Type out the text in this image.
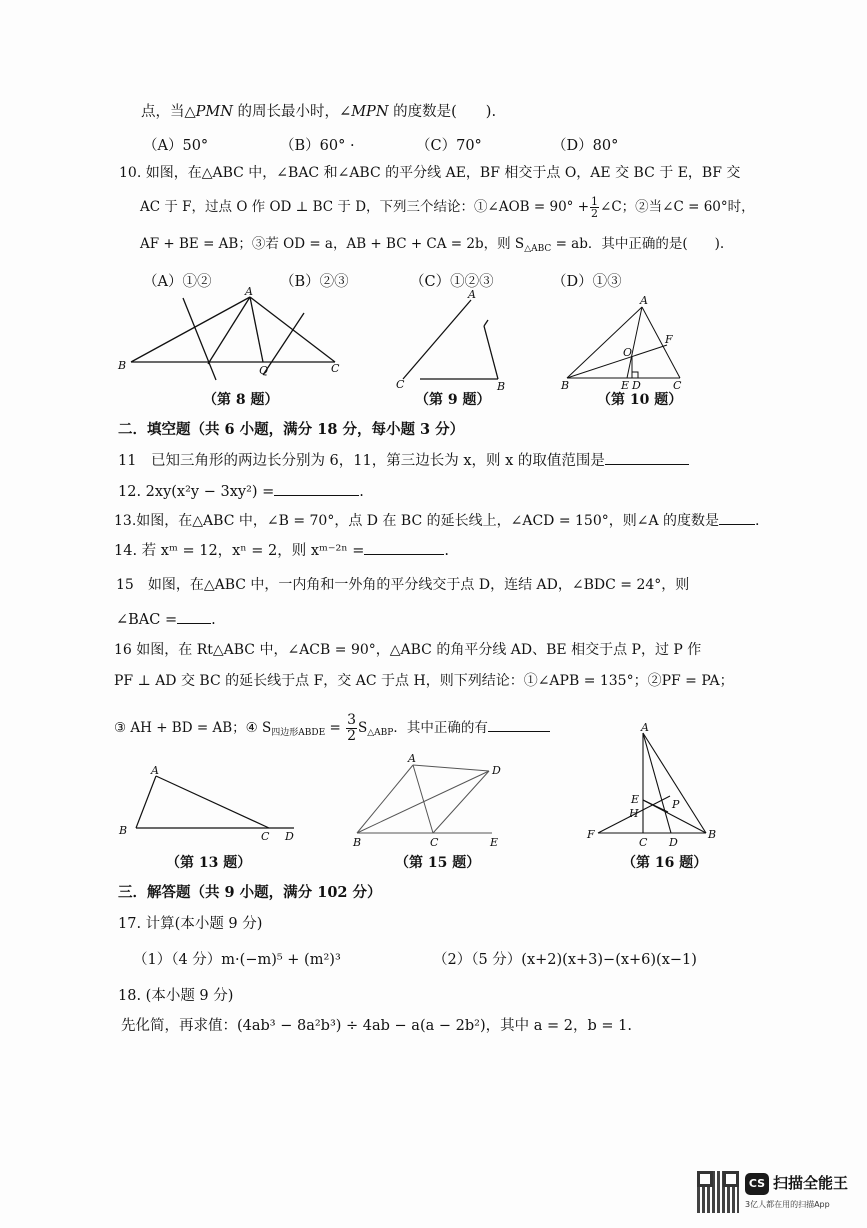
点，当△PMN 的周长最小时，∠MPN 的度数是(　　).
（A）50°	（B）60° ·	（C）70°	（D）80°
10. 如图，在△ABC 中，∠BAC 和∠ABC 的平分线 AE，BF 相交于点 O，AE 交 BC 于 E，BF 交
AC 于 F，过点 O 作 OD ⊥ BC 于 D，下列三个结论：①∠AOB = $90^\circ + \frac{1}{2}$ ∠C；②当∠C = 60°时，
AF + BE = AB；③若 OD = a，AB + BC + CA = 2b，则 $S_{\triangle ABC}$ = ab．其中正确的是(　　).
（A）①②	（B）②③	（C）①②③	（D）①③
A
B	Q	C
（第 8 题）
A
C	B
（第 9 题）
A
F
O
B	E D	C
（第 10 题）
二．填空题（共 6 小题，满分 18 分，每小题 3 分）
11　已知三角形的两边长分别为 6，11，第三边长为 x，则 x 的取值范围是
12. 2xy(x²y − 3xy²) =	.
13.如图，在△ABC 中，∠B = 70°，点 D 在 BC 的延长线上，∠ACD = 150°，则∠A 的度数是	.
14. 若 xᵐ = 12，xⁿ = 2，则 xᵐ⁻²ⁿ =	.
15　如图，在△ABC 中，一内角和一外角的平分线交于点 D，连结 AD，∠BDC = 24°，则
∠BAC = .
16 如图，在 Rt△ABC 中，∠ACB = 90°，△ABC 的角平分线 AD、BE 相交于点 P，过 P 作
PF ⊥ AD 交 BC 的延长线于点 F，交 AC 于点 H，则下列结论：①∠APB = 135°；②PF = PA；
③ AH + BD = AB；④ $S_{四边形ABDE} = \frac{3}{2} S_{\triangle ABP}$．其中正确的有
A
B	C D
（第 13 题）
A
D
B	C	E
（第 15 题）
A
E	P
H
F
C D
B
（第 16 题）
三．解答题（共 9 小题，满分 102 分）
17. 计算(本小题 9 分)
（1）（4 分）m·(−m)⁵ + (m²)³	（2）（5 分）(x+2)(x+3)−(x+6)(x−1)
18. (本小题 9 分)
先化简，再求值：(4ab³ − 8a²b³) ÷ 4ab − a(a − 2b²)，其中 a = 2，b = 1.
CS 扫描全能王
3亿人都在用的扫描App
